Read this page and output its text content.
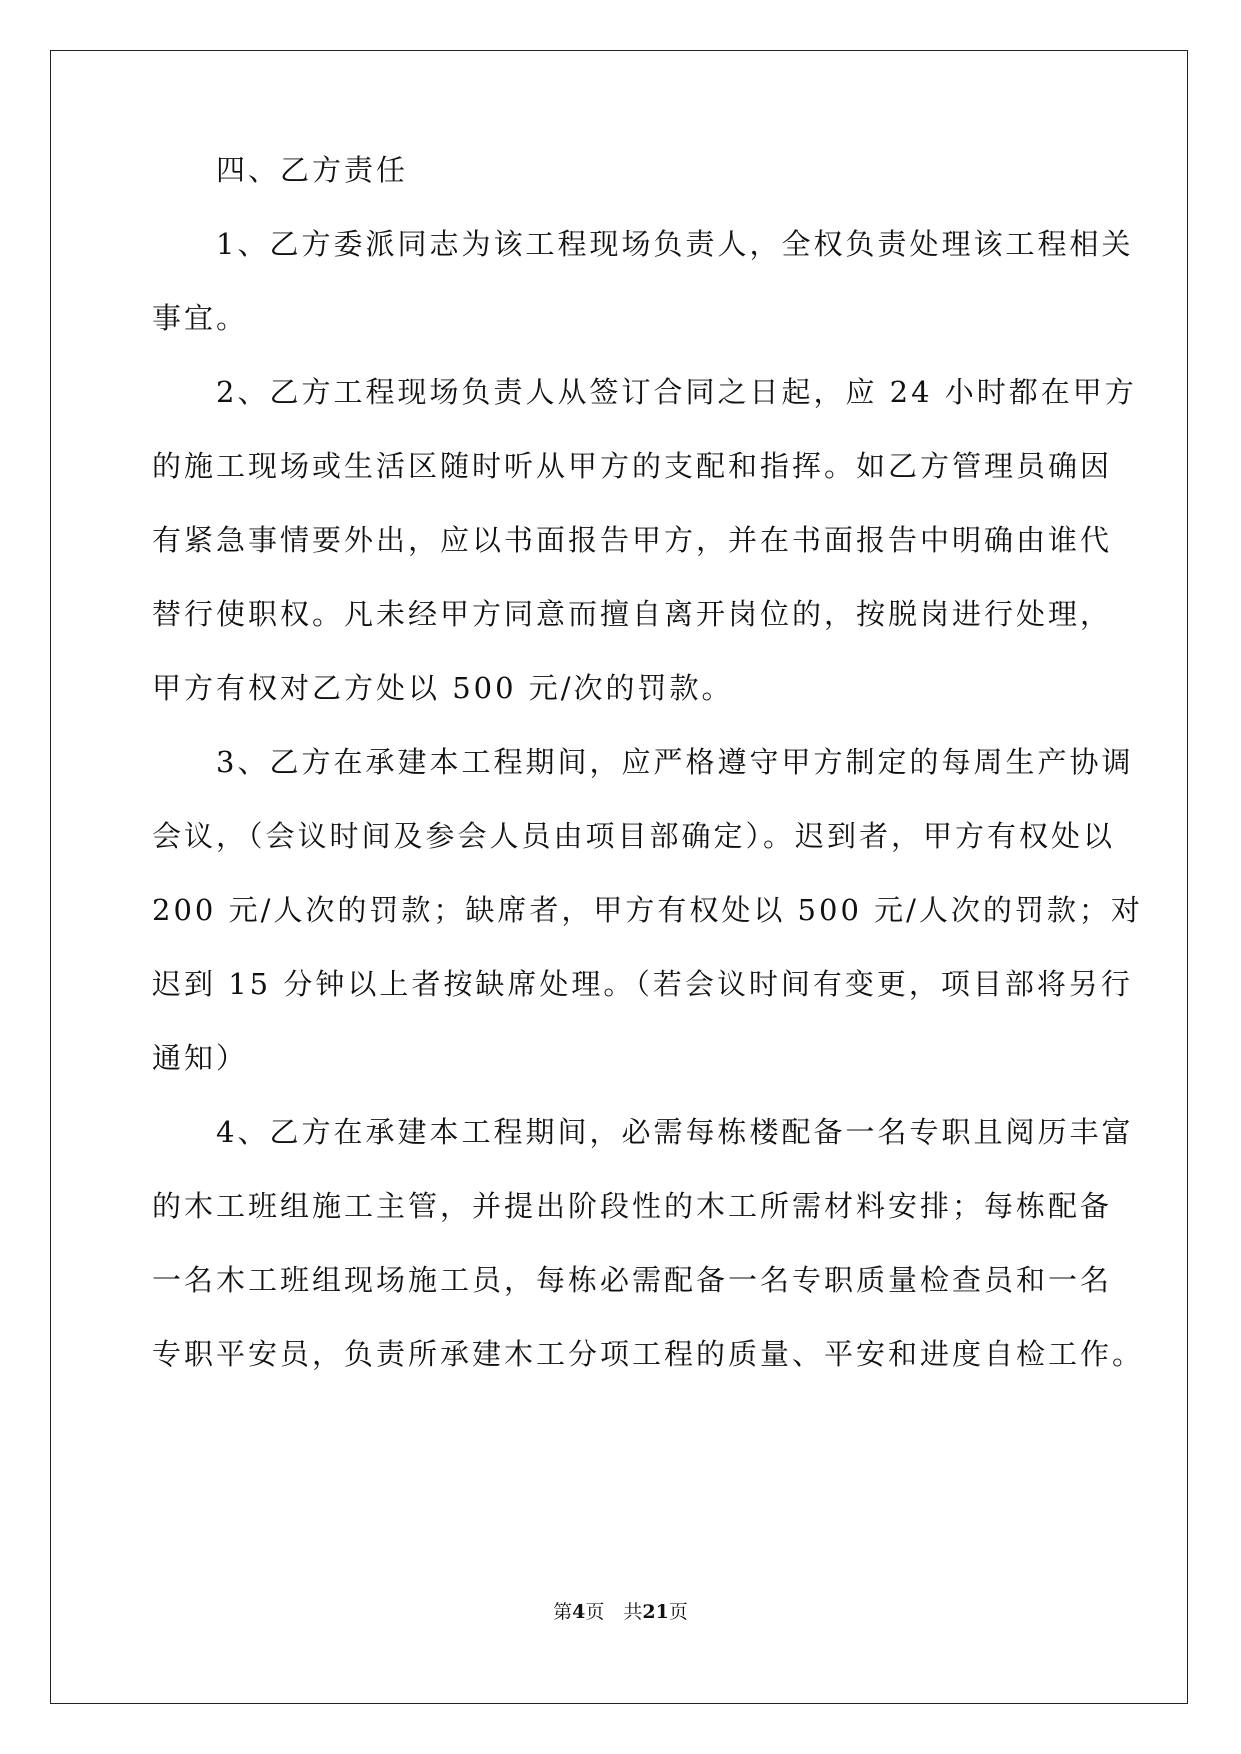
　　四、乙方责任
　　1、乙方委派同志为该工程现场负责人，全权负责处理该工程相关
事宜。
　　2、乙方工程现场负责人从签订合同之日起，应 24 小时都在甲方
的施工现场或生活区随时听从甲方的支配和指挥。如乙方管理员确因
有紧急事情要外出，应以书面报告甲方，并在书面报告中明确由谁代
替行使职权。凡未经甲方同意而擅自离开岗位的，按脱岗进行处理，
甲方有权对乙方处以 500 元/次的罚款。
　　3、乙方在承建本工程期间，应严格遵守甲方制定的每周生产协调
会议，（会议时间及参会人员由项目部确定）。迟到者，甲方有权处以
200 元/人次的罚款；缺席者，甲方有权处以 500 元/人次的罚款；对
迟到 15 分钟以上者按缺席处理。（若会议时间有变更，项目部将另行
通知）
　　4、乙方在承建本工程期间，必需每栋楼配备一名专职且阅历丰富
的木工班组施工主管，并提出阶段性的木工所需材料安排；每栋配备
一名木工班组现场施工员，每栋必需配备一名专职质量检查员和一名
专职平安员，负责所承建木工分项工程的质量、平安和进度自检工作。
第4页　共21页
